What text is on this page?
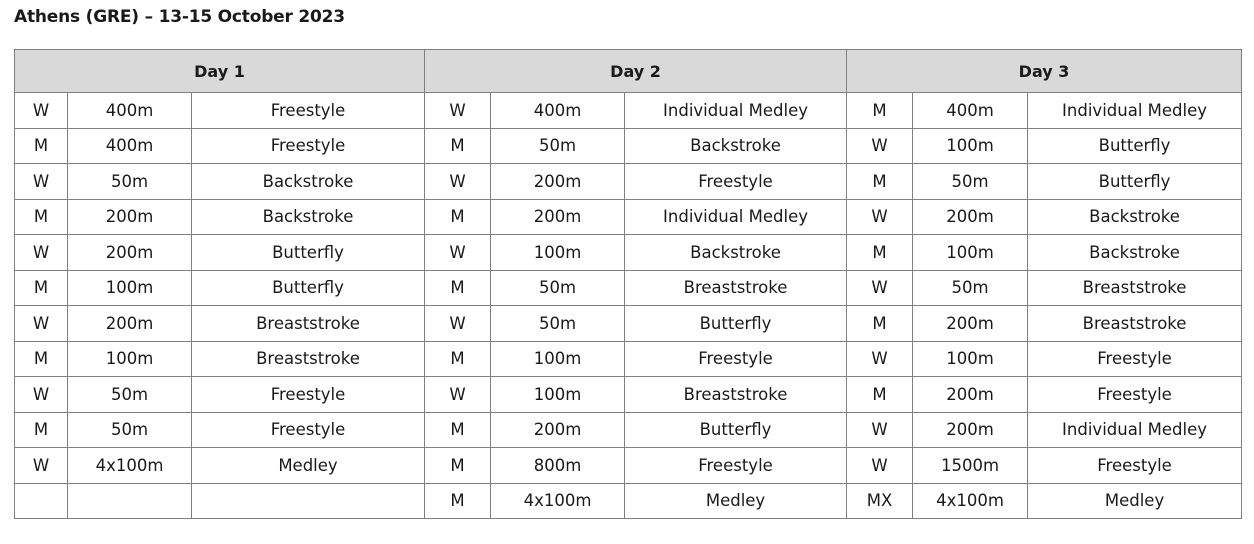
Athens (GRE) – 13-15 October 2023
Day 1			Day 2			Day 3		
W	400m	Freestyle	W	400m	Individual Medley	M	400m	Individual Medley
M	400m	Freestyle	M	50m	Backstroke	W	100m	Butterfly
W	50m	Backstroke	W	200m	Freestyle	M	50m	Butterfly
M	200m	Backstroke	M	200m	Individual Medley	W	200m	Backstroke
W	200m	Butterfly	W	100m	Backstroke	M	100m	Backstroke
M	100m	Butterfly	M	50m	Breaststroke	W	50m	Breaststroke
W	200m	Breaststroke	W	50m	Butterfly	M	200m	Breaststroke
M	100m	Breaststroke	M	100m	Freestyle	W	100m	Freestyle
W	50m	Freestyle	W	100m	Breaststroke	M	200m	Freestyle
M	50m	Freestyle	M	200m	Butterfly	W	200m	Individual Medley
W	4x100m	Medley	M	800m	Freestyle	W	1500m	Freestyle
			M	4x100m	Medley	MX	4x100m	Medley
